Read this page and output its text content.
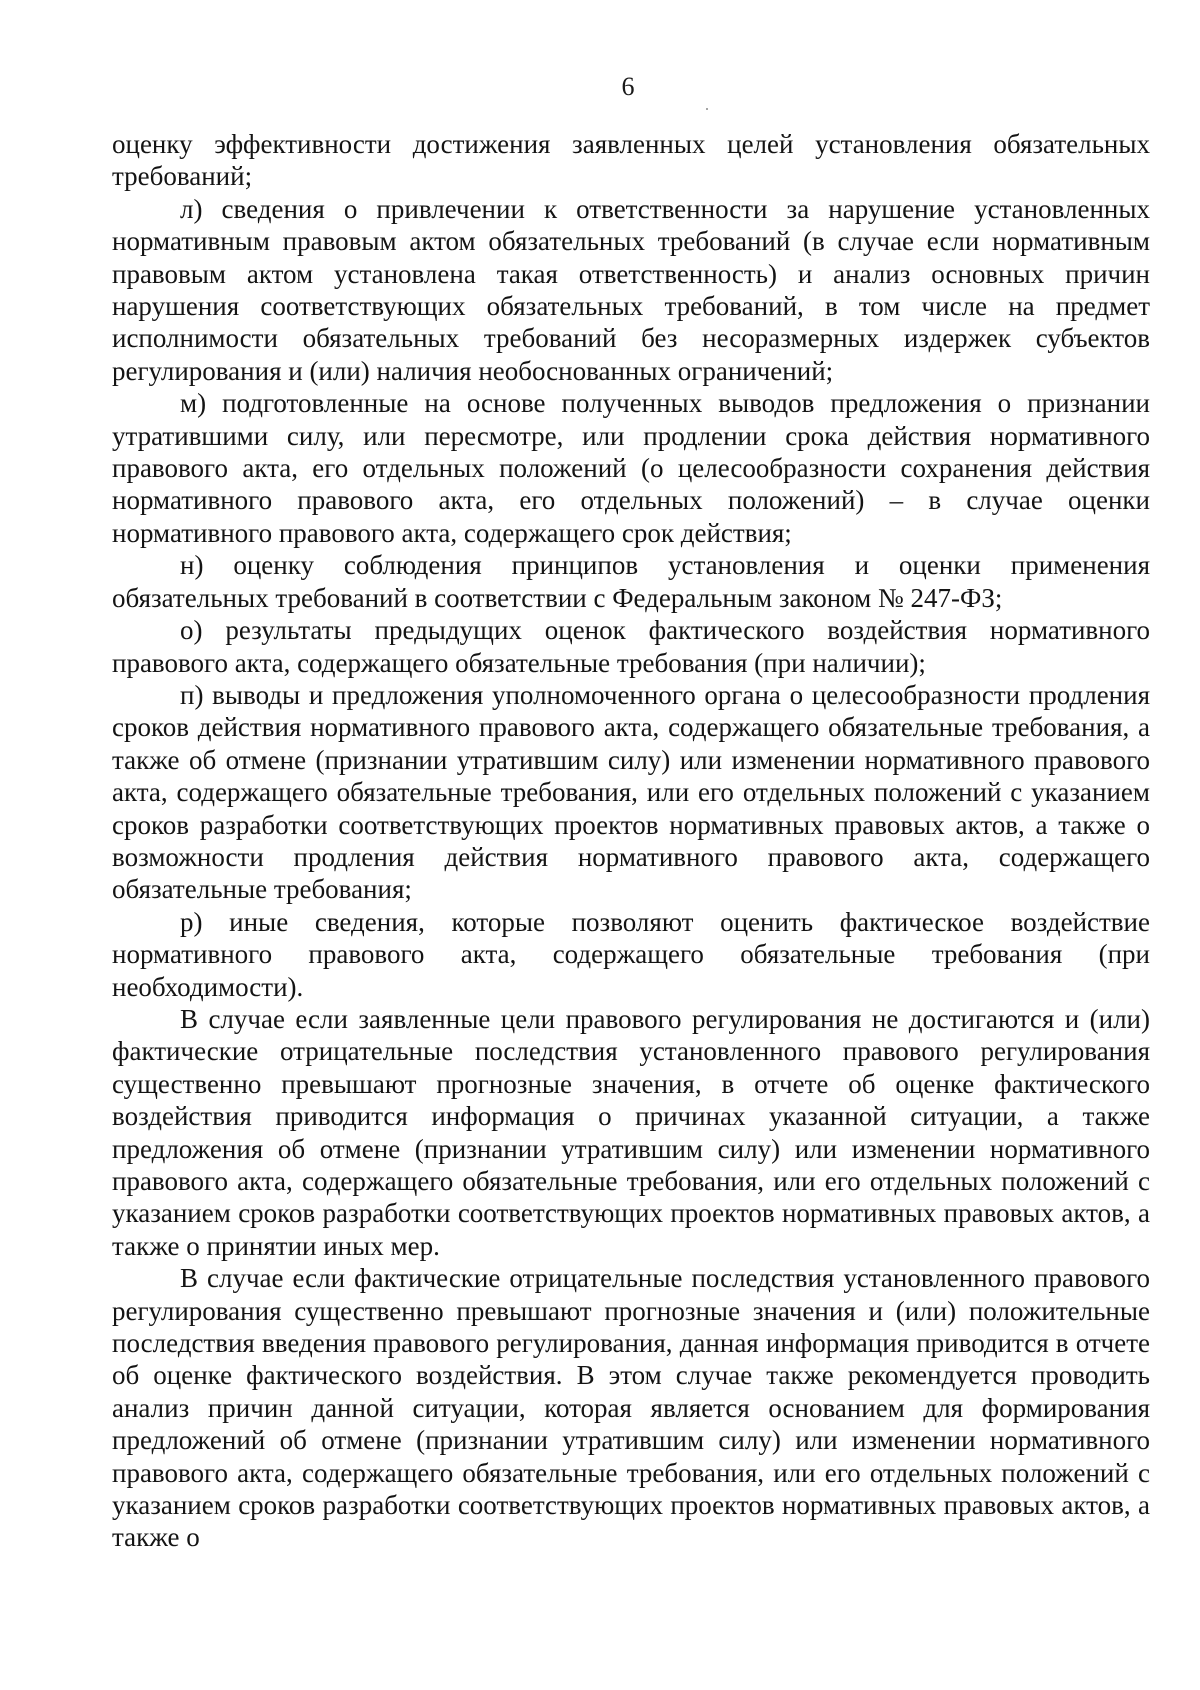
6

оценку эффективности достижения заявленных целей установления обязательных требований;

л) сведения о привлечении к ответственности за нарушение установленных нормативным правовым актом обязательных требований (в случае если нормативным правовым актом установлена такая ответственность) и анализ основных причин нарушения соответствующих обязательных требований, в том числе на предмет исполнимости обязательных требований без несоразмерных издержек субъектов регулирования и (или) наличия необоснованных ограничений;

м) подготовленные на основе полученных выводов предложения о признании утратившими силу, или пересмотре, или продлении срока действия нормативного правового акта, его отдельных положений (о целесообразности сохранения действия нормативного правового акта, его отдельных положений) – в случае оценки нормативного правового акта, содержащего срок действия;

н) оценку соблюдения принципов установления и оценки применения обязательных требований в соответствии с Федеральным законом № 247-ФЗ;

о) результаты предыдущих оценок фактического воздействия нормативного правового акта, содержащего обязательные требования (при наличии);

п) выводы и предложения уполномоченного органа о целесообразности продления сроков действия нормативного правового акта, содержащего обязательные требования, а также об отмене (признании утратившим силу) или изменении нормативного правового акта, содержащего обязательные требования, или его отдельных положений с указанием сроков разработки соответствующих проектов нормативных правовых актов, а также о возможности продления действия нормативного правового акта, содержащего обязательные требования;

р) иные сведения, которые позволяют оценить фактическое воздействие нормативного правового акта, содержащего обязательные требования (при необходимости).

В случае если заявленные цели правового регулирования не достигаются и (или) фактические отрицательные последствия установленного правового регулирования существенно превышают прогнозные значения, в отчете об оценке фактического воздействия приводится информация о причинах указанной ситуации, а также предложения об отмене (признании утратившим силу) или изменении нормативного правового акта, содержащего обязательные требования, или его отдельных положений с указанием сроков разработки соответствующих проектов нормативных правовых актов, а также о принятии иных мер.

В случае если фактические отрицательные последствия установленного правового регулирования существенно превышают прогнозные значения и (или) положительные последствия введения правового регулирования, данная информация приводится в отчете об оценке фактического воздействия. В этом случае также рекомендуется проводить анализ причин данной ситуации, которая является основанием для формирования предложений об отмене (признании утратившим силу) или изменении нормативного правового акта, содержащего обязательные требования, или его отдельных положений с указанием сроков разработки соответствующих проектов нормативных правовых актов, а также о
